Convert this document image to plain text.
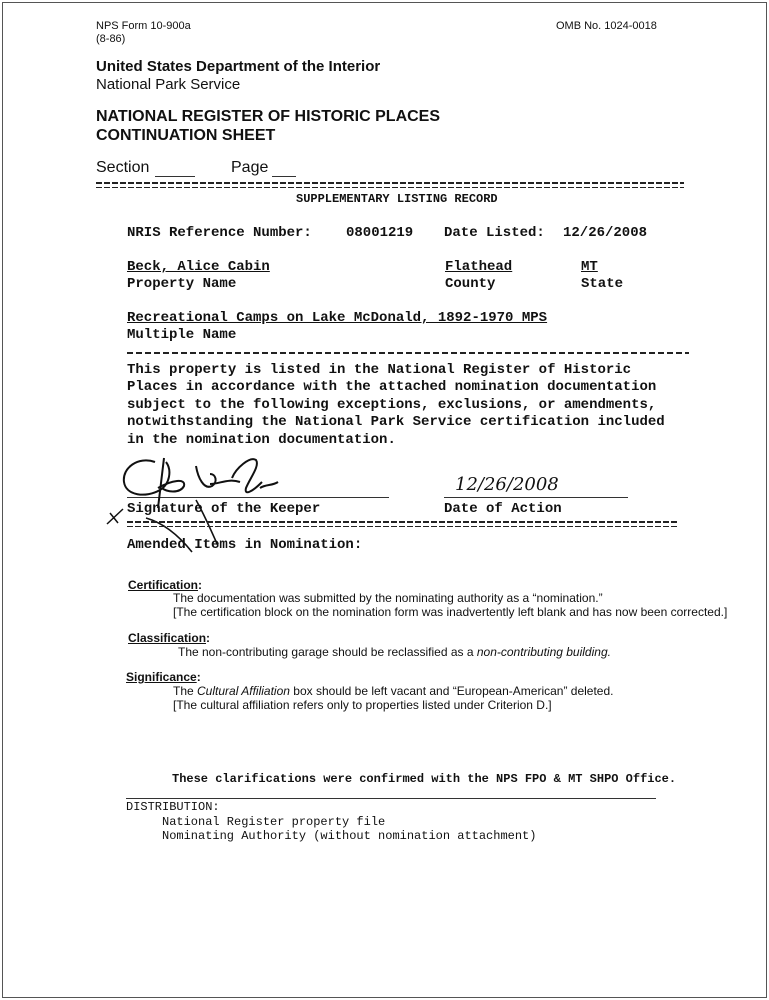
NPS Form 10-900a
(8-86)
OMB No. 1024-0018
United States Department of the Interior
National Park Service
NATIONAL REGISTER OF HISTORIC PLACES
CONTINUATION SHEET
Section	Page
SUPPLEMENTARY LISTING RECORD
NRIS Reference Number: 08001219 Date Listed: 12/26/2008
Beck, Alice Cabin
Property Name
Flathead
County
MT
State
Recreational Camps on Lake McDonald, 1892-1970 MPS
Multiple Name
This property is listed in the National Register of Historic
Places in accordance with the attached nomination documentation
subject to the following exceptions, exclusions, or amendments,
notwithstanding the National Park Service certification included
in the nomination documentation.
Signature of the Keeper
12/26/2008
Date of Action
Amended Items in Nomination:
Certification:
The documentation was submitted by the nominating authority as a “nomination.”
[The certification block on the nomination form was inadvertently left blank and has now been corrected.]
Classification:
The non-contributing garage should be reclassified as a non-contributing building.
Significance:
The Cultural Affiliation box should be left vacant and “European-American” deleted.
[The cultural affiliation refers only to properties listed under Criterion D.]
These clarifications were confirmed with the NPS FPO & MT SHPO Office.
DISTRIBUTION:
National Register property file
Nominating Authority (without nomination attachment)
